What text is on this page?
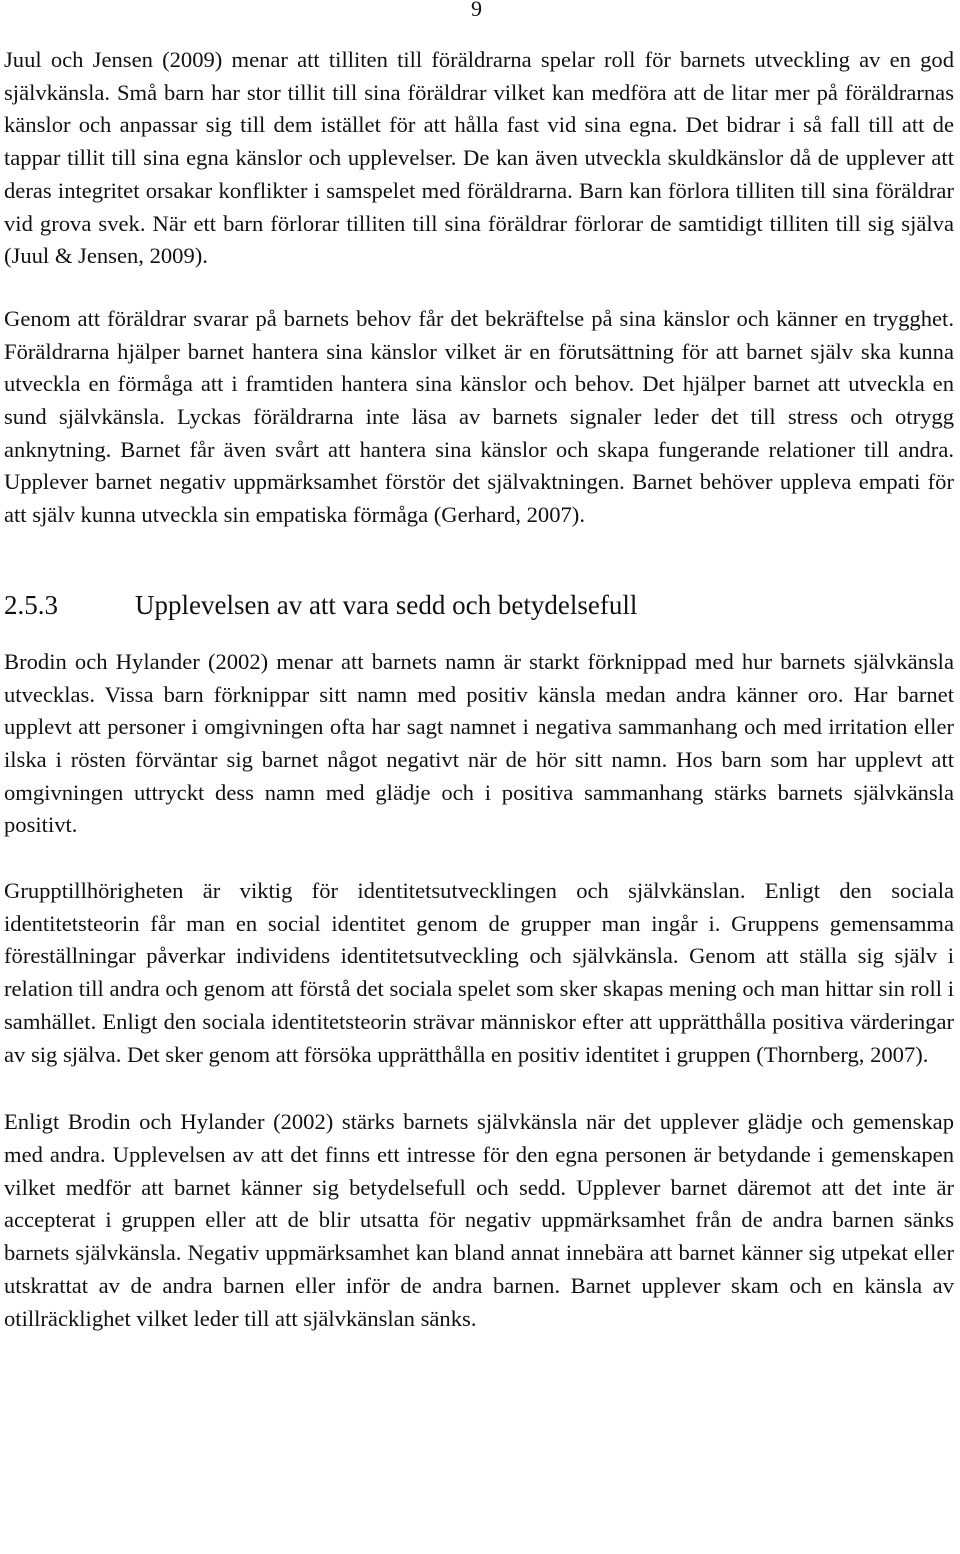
9

Juul och Jensen (2009) menar att tilliten till föräldrarna spelar roll för barnets utveckling av en god självkänsla. Små barn har stor tillit till sina föräldrar vilket kan medföra att de litar mer på föräldrarnas känslor och anpassar sig till dem istället för att hålla fast vid sina egna. Det bidrar i så fall till att de tappar tillit till sina egna känslor och upplevelser. De kan även utveckla skuldkänslor då de upplever att deras integritet orsakar konflikter i samspelet med föräldrarna. Barn kan förlora tilliten till sina föräldrar vid grova svek. När ett barn förlorar tilliten till sina föräldrar förlorar de samtidigt tilliten till sig själva (Juul & Jensen, 2009).

Genom att föräldrar svarar på barnets behov får det bekräftelse på sina känslor och känner en trygghet. Föräldrarna hjälper barnet hantera sina känslor vilket är en förutsättning för att barnet själv ska kunna utveckla en förmåga att i framtiden hantera sina känslor och behov. Det hjälper barnet att utveckla en sund självkänsla. Lyckas föräldrarna inte läsa av barnets signaler leder det till stress och otrygg anknytning. Barnet får även svårt att hantera sina känslor och skapa fungerande relationer till andra. Upplever barnet negativ uppmärksamhet förstör det självaktningen. Barnet behöver uppleva empati för att själv kunna utveckla sin empatiska förmåga (Gerhard, 2007).

2.5.3	Upplevelsen av att vara sedd och betydelsefull

Brodin och Hylander (2002) menar att barnets namn är starkt förknippad med hur barnets självkänsla utvecklas. Vissa barn förknippar sitt namn med positiv känsla medan andra känner oro. Har barnet upplevt att personer i omgivningen ofta har sagt namnet i negativa sammanhang och med irritation eller ilska i rösten förväntar sig barnet något negativt när de hör sitt namn. Hos barn som har upplevt att omgivningen uttryckt dess namn med glädje och i positiva sammanhang stärks barnets självkänsla positivt.

Grupptillhörigheten är viktig för identitetsutvecklingen och självkänslan. Enligt den sociala identitetsteorin får man en social identitet genom de grupper man ingår i. Gruppens gemensamma föreställningar påverkar individens identitetsutveckling och självkänsla. Genom att ställa sig själv i relation till andra och genom att förstå det sociala spelet som sker skapas mening och man hittar sin roll i samhället. Enligt den sociala identitetsteorin strävar människor efter att upprätthålla positiva värderingar av sig själva. Det sker genom att försöka upprätthålla en positiv identitet i gruppen (Thornberg, 2007).

Enligt Brodin och Hylander (2002) stärks barnets självkänsla när det upplever glädje och gemenskap med andra. Upplevelsen av att det finns ett intresse för den egna personen är betydande i gemenskapen vilket medför att barnet känner sig betydelsefull och sedd. Upplever barnet däremot att det inte är accepterat i gruppen eller att de blir utsatta för negativ uppmärksamhet från de andra barnen sänks barnets självkänsla. Negativ uppmärksamhet kan bland annat innebära att barnet känner sig utpekat eller utskrattat av de andra barnen eller inför de andra barnen. Barnet upplever skam och en känsla av otillräcklighet vilket leder till att självkänslan sänks.
